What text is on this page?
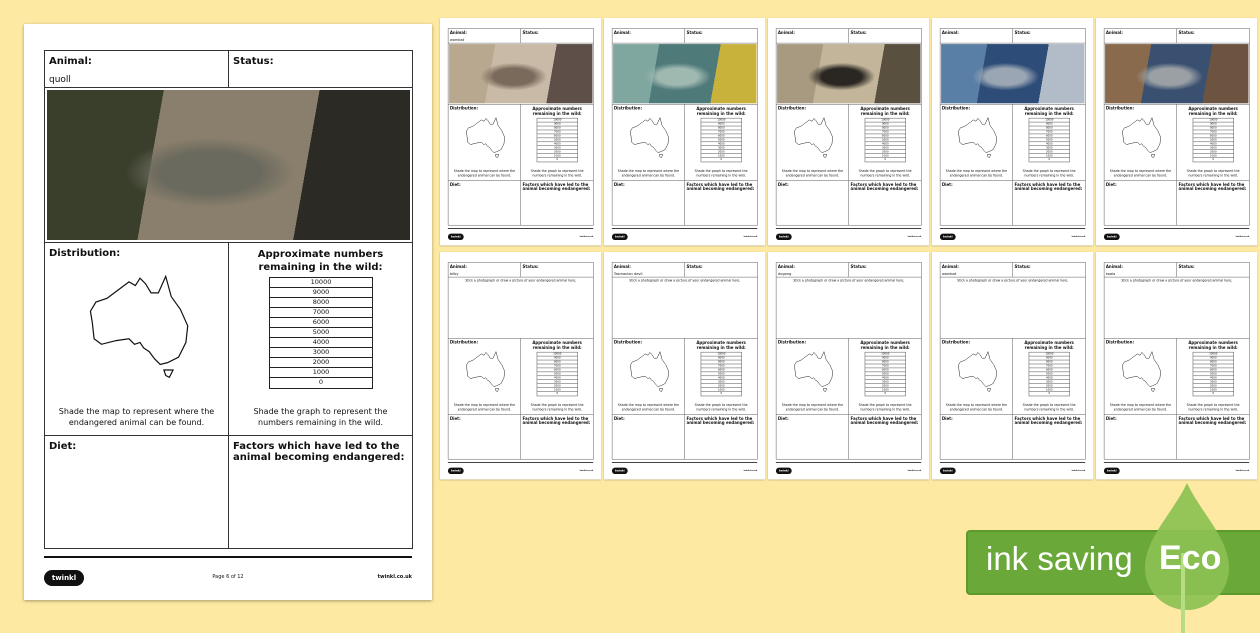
Animal:
quoll
Status:
Distribution:
Shade the map to represent where the endangered animal can be found.
Approximate numbers remaining in the wild:
10000
9000
8000
7000
6000
5000
4000
3000
2000
1000
0
Shade the graph to represent the numbers remaining in the wild.
Diet:	Factors which have led to the animal becoming endangered:
twinkl	Page 6 of 12	twinkl.co.uk
Animal:
wombat
Status:
Distribution:
Shade the map to represent where the endangered animal can be found.
Approximate numbers remaining in the wild:
10000
9000
8000
7000
6000
5000
4000
3000
2000
1000
0
Shade the graph to represent the numbers remaining in the wild.
Diet:	Factors which have led to the animal becoming endangered:
twinkl	twinkl.co.uk
Animal:	Status:
Distribution:
Shade the map to represent where the endangered animal can be found.
Approximate numbers remaining in the wild:
10000
9000
8000
7000
6000
5000
4000
3000
2000
1000
0
Shade the graph to represent the numbers remaining in the wild.
Diet:	Factors which have led to the animal becoming endangered:
twinkl	twinkl.co.uk
Animal:	Status:
Distribution:
Shade the map to represent where the endangered animal can be found.
Approximate numbers remaining in the wild:
10000
9000
8000
7000
6000
5000
4000
3000
2000
1000
0
Shade the graph to represent the numbers remaining in the wild.
Diet:	Factors which have led to the animal becoming endangered:
twinkl	twinkl.co.uk
Animal:	Status:
Distribution:
Shade the map to represent where the endangered animal can be found.
Approximate numbers remaining in the wild:
10000
9000
8000
7000
6000
5000
4000
3000
2000
1000
0
Shade the graph to represent the numbers remaining in the wild.
Diet:	Factors which have led to the animal becoming endangered:
twinkl	twinkl.co.uk
Animal:	Status:
Distribution:
Shade the map to represent where the endangered animal can be found.
Approximate numbers remaining in the wild:
10000
9000
8000
7000
6000
5000
4000
3000
2000
1000
0
Shade the graph to represent the numbers remaining in the wild.
Diet:	Factors which have led to the animal becoming endangered:
twinkl	twinkl.co.uk
Animal:
bilby
Status:
Stick a photograph or draw a picture of your endangered animal here.
Distribution:
Shade the map to represent where the endangered animal can be found.
Approximate numbers remaining in the wild:
10000
9000
8000
7000
6000
5000
4000
3000
2000
1000
0
Shade the graph to represent the numbers remaining in the wild.
Diet:	Factors which have led to the animal becoming endangered:
twinkl	twinkl.co.uk
Animal:
Tasmanian devil
Status:
Stick a photograph or draw a picture of your endangered animal here.
Distribution:
Shade the map to represent where the endangered animal can be found.
Approximate numbers remaining in the wild:
10000
9000
8000
7000
6000
5000
4000
3000
2000
1000
0
Shade the graph to represent the numbers remaining in the wild.
Diet:	Factors which have led to the animal becoming endangered:
twinkl	twinkl.co.uk
Animal:
dugong
Status:
Stick a photograph or draw a picture of your endangered animal here.
Distribution:
Shade the map to represent where the endangered animal can be found.
Approximate numbers remaining in the wild:
10000
9000
8000
7000
6000
5000
4000
3000
2000
1000
0
Shade the graph to represent the numbers remaining in the wild.
Diet:	Factors which have led to the animal becoming endangered:
twinkl	twinkl.co.uk
Animal:
wombat
Status:
Stick a photograph or draw a picture of your endangered animal here.
Distribution:
Shade the map to represent where the endangered animal can be found.
Approximate numbers remaining in the wild:
10000
9000
8000
7000
6000
5000
4000
3000
2000
1000
0
Shade the graph to represent the numbers remaining in the wild.
Diet:	Factors which have led to the animal becoming endangered:
twinkl	twinkl.co.uk
Animal:
koala
Status:
Stick a photograph or draw a picture of your endangered animal here.
Distribution:
Shade the map to represent where the endangered animal can be found.
Approximate numbers remaining in the wild:
10000
9000
8000
7000
6000
5000
4000
3000
2000
1000
0
Shade the graph to represent the numbers remaining in the wild.
Diet:	Factors which have led to the animal becoming endangered:
twinkl	twinkl.co.uk
ink saving Eco
